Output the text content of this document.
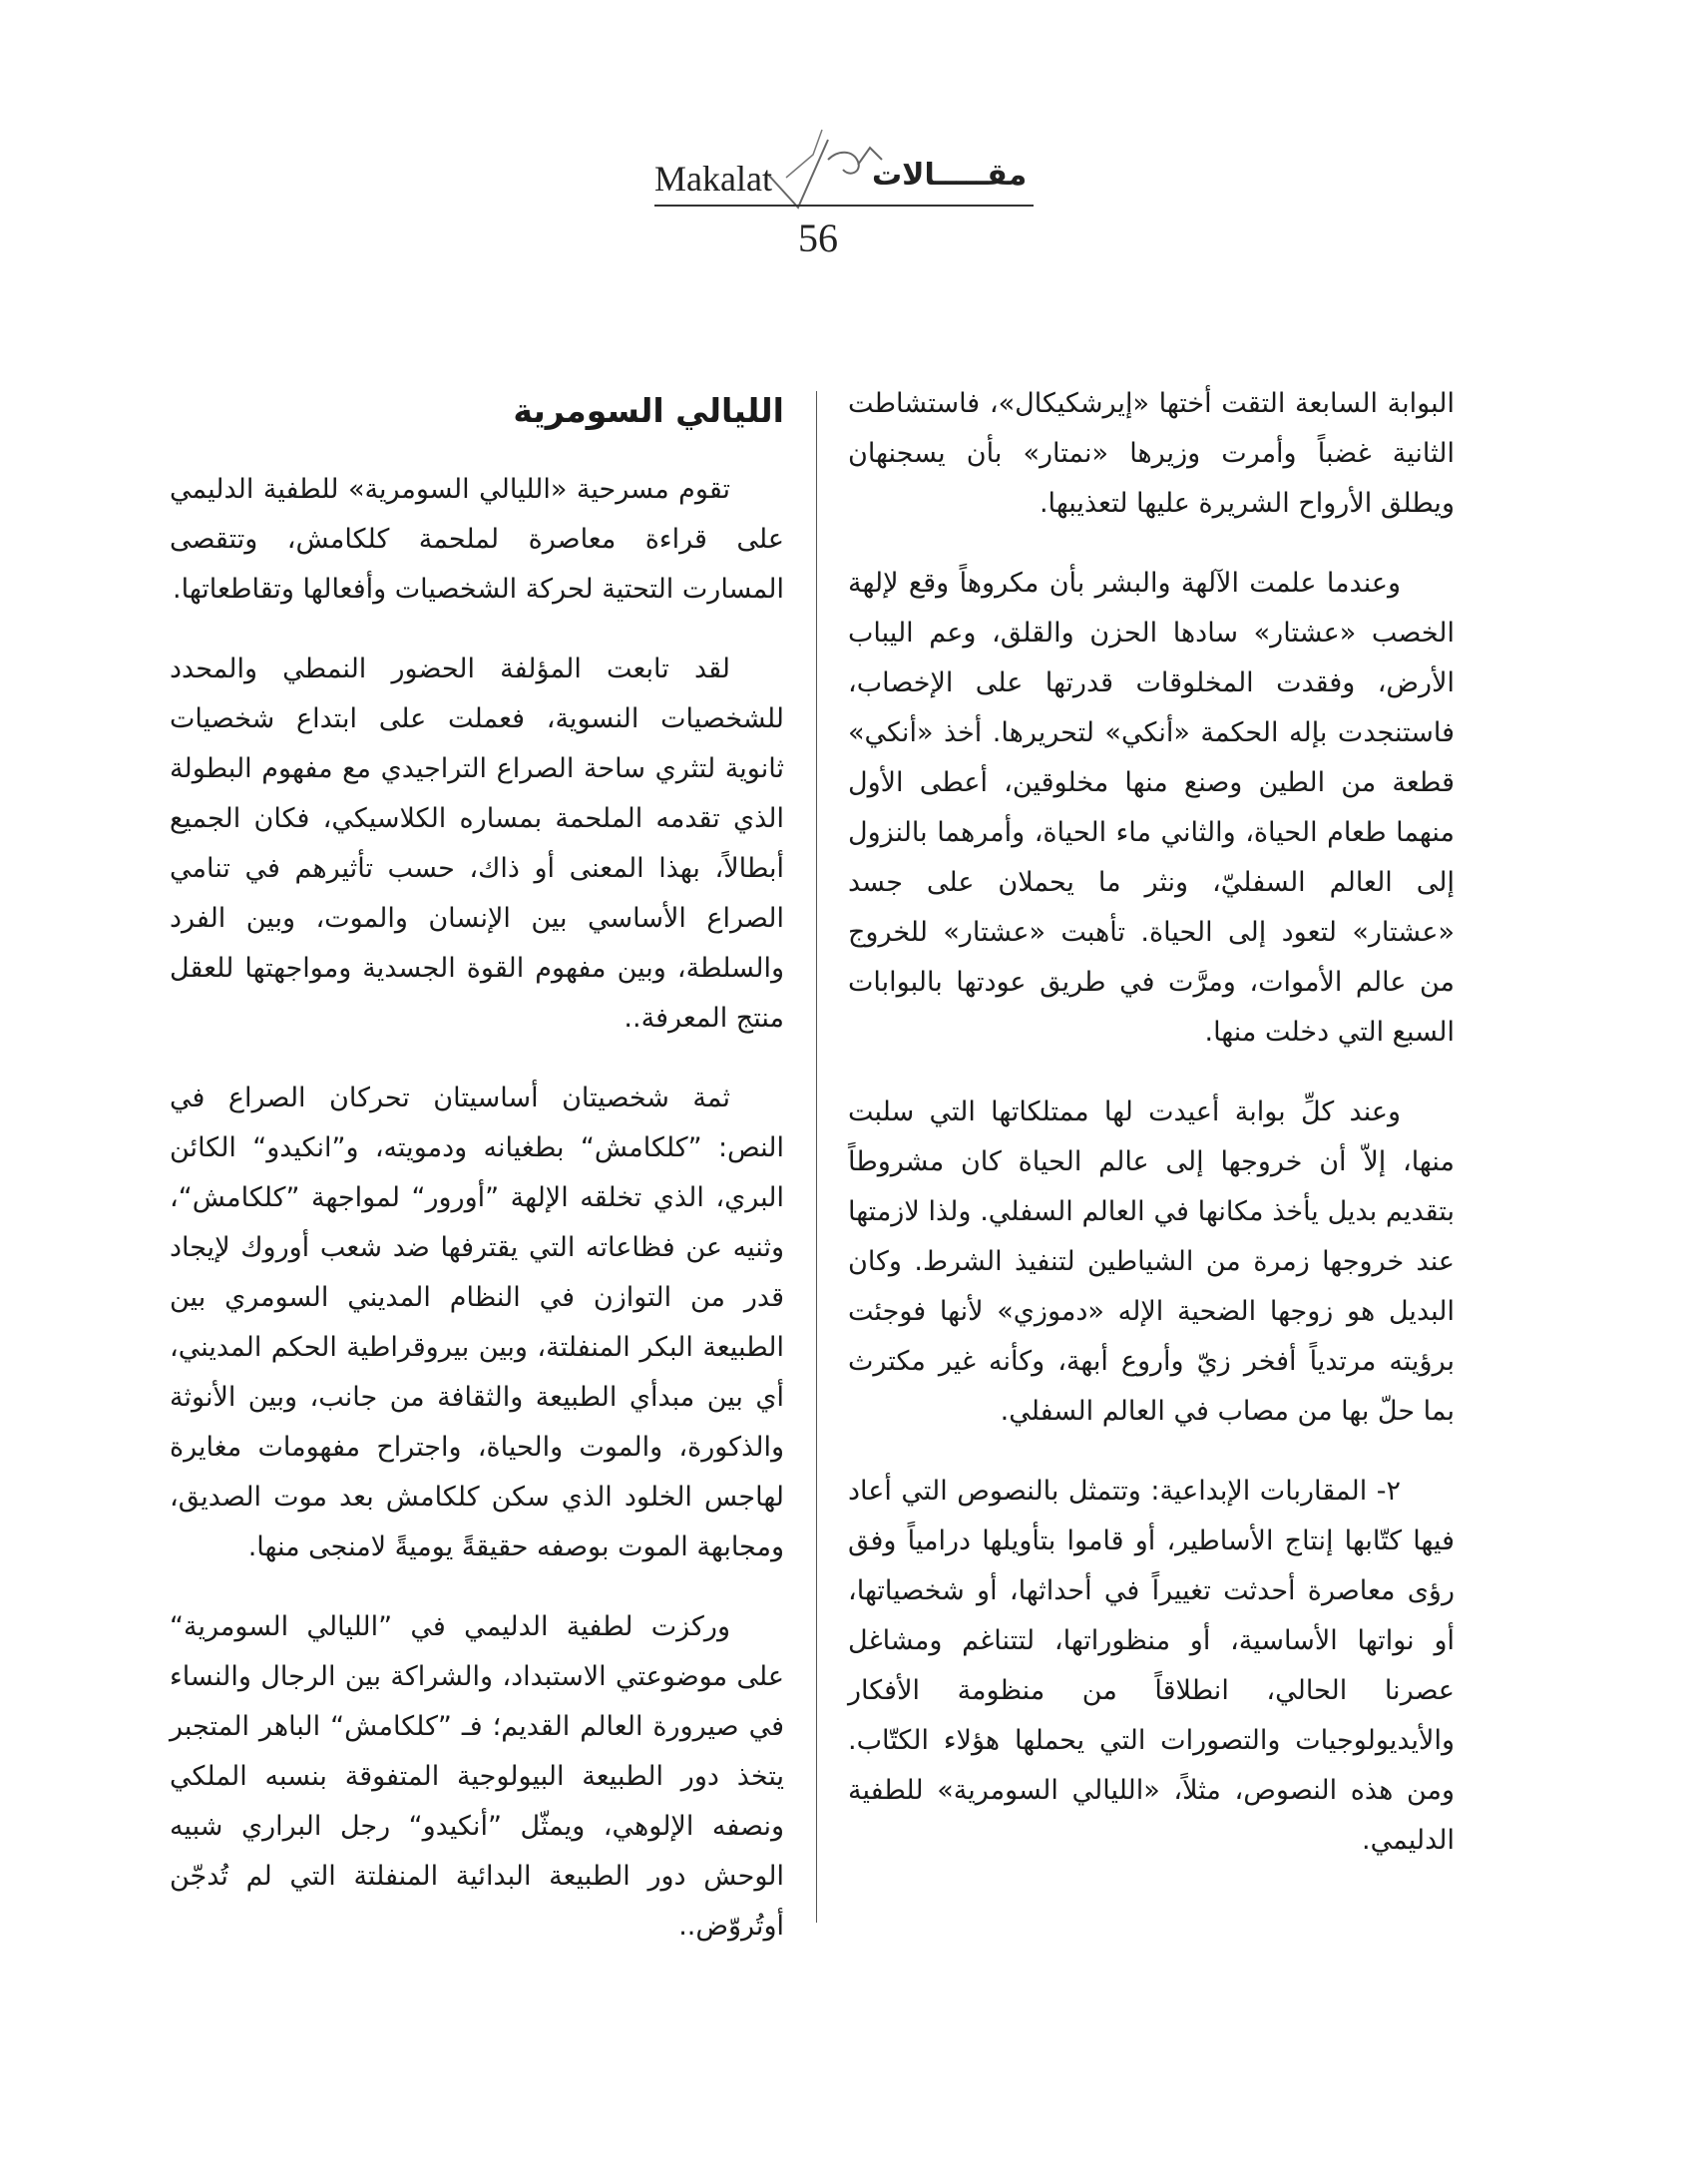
Makalat	مقـــــالات
56

البوابة السابعة التقت أختها «إيرشكيكال»، فاستشاطت الثانية غضباً وأمرت وزيرها «نمتار» بأن يسجنهان ويطلق الأرواح الشريرة عليها لتعذيبها.

وعندما علمت الآلهة والبشر بأن مكروهاً وقع لإلهة الخصب «عشتار» سادها الحزن والقلق، وعم اليباب الأرض، وفقدت المخلوقات قدرتها على الإخصاب، فاستنجدت بإله الحكمة «أنكي» لتحريرها. أخذ «أنكي» قطعة من الطين وصنع منها مخلوقين، أعطى الأول منهما طعام الحياة، والثاني ماء الحياة، وأمرهما بالنزول إلى العالم السفليّ، ونثر ما يحملان على جسد «عشتار» لتعود إلى الحياة. تأهبت «عشتار» للخروج من عالم الأموات، ومرَّت في طريق عودتها بالبوابات السبع التي دخلت منها.

وعند كلِّ بوابة أعيدت لها ممتلكاتها التي سلبت منها، إلاّ أن خروجها إلى عالم الحياة كان مشروطاً بتقديم بديل يأخذ مكانها في العالم السفلي. ولذا لازمتها عند خروجها زمرة من الشياطين لتنفيذ الشرط. وكان البديل هو زوجها الضحية الإله «دموزي» لأنها فوجئت برؤيته مرتدياً أفخر زيّ وأروع أبهة، وكأنه غير مكترث بما حلّ بها من مصاب في العالم السفلي.

٢- المقاربات الإبداعية: وتتمثل بالنصوص التي أعاد فيها كتّابها إنتاج الأساطير، أو قاموا بتأويلها درامياً وفق رؤى معاصرة أحدثت تغييراً في أحداثها، أو شخصياتها، أو نواتها الأساسية، أو منظوراتها، لتتناغم ومشاغل عصرنا الحالي، انطلاقاً من منظومة الأفكار والأيديولوجيات والتصورات التي يحملها هؤلاء الكتّاب. ومن هذه النصوص، مثلاً، «الليالي السومرية» للطفية الدليمي.

الليالي السومرية

تقوم مسرحية «الليالي السومرية» للطفية الدليمي على قراءة معاصرة لملحمة كلكامش، وتتقصى المسارت التحتية لحركة الشخصيات وأفعالها وتقاطعاتها.

لقد تابعت المؤلفة الحضور النمطي والمحدد للشخصيات النسوية، فعملت على ابتداع شخصيات ثانوية لتثري ساحة الصراع التراجيدي مع مفهوم البطولة الذي تقدمه الملحمة بمساره الكلاسيكي، فكان الجميع أبطالاً، بهذا المعنى أو ذاك، حسب تأثيرهم في تنامي الصراع الأساسي بين الإنسان والموت، وبين الفرد والسلطة، وبين مفهوم القوة الجسدية ومواجهتها للعقل منتج المعرفة..

ثمة شخصيتان أساسيتان تحركان الصراع في النص: ”كلكامش“ بطغيانه ودمويته، و”انكيدو“ الكائن البري، الذي تخلقه الإلهة ”أورور“ لمواجهة ”كلكامش“، وثنيه عن فظاعاته التي يقترفها ضد شعب أوروك لإيجاد قدر من التوازن في النظام المديني السومري بين الطبيعة البكر المنفلتة، وبين بيروقراطية الحكم المديني، أي بين مبدأي الطبيعة والثقافة من جانب، وبين الأنوثة والذكورة، والموت والحياة، واجتراح مفهومات مغايرة لهاجس الخلود الذي سكن كلكامش بعد موت الصديق، ومجابهة الموت بوصفه حقيقةً يوميةً لامنجى منها.

وركزت لطفية الدليمي في ”الليالي السومرية“ على موضوعتي الاستبداد، والشراكة بين الرجال والنساء في صيرورة العالم القديم؛ فـ ”كلكامش“ الباهر المتجبر يتخذ دور الطبيعة البيولوجية المتفوقة بنسبه الملكي ونصفه الإلوهي، ويمثّل ”أنكيدو“ رجل البراري شبيه الوحش دور الطبيعة البدائية المنفلتة التي لم تُدجّن أوتُروّض..
